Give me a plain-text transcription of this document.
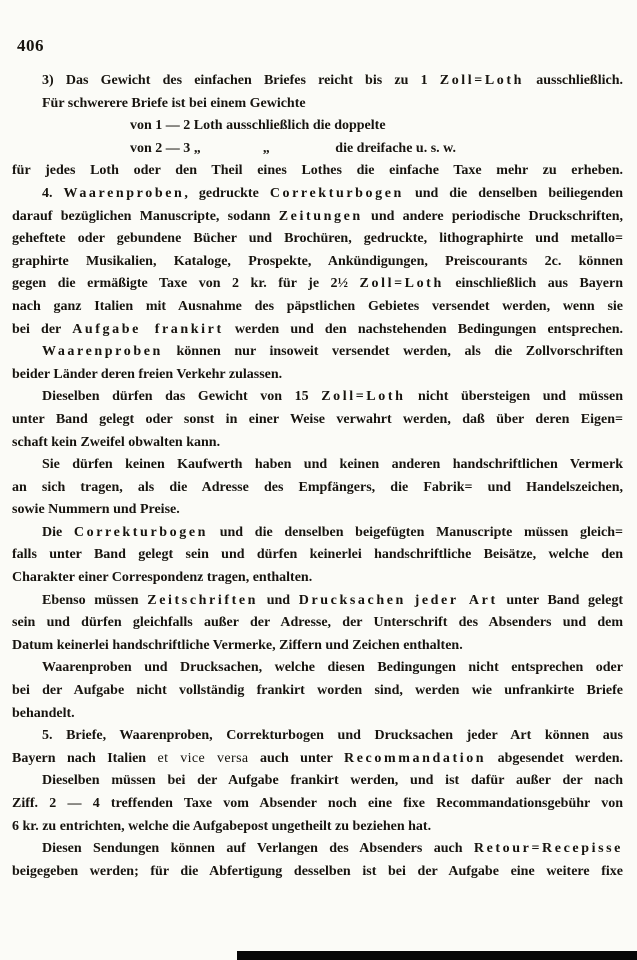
406
3) Das Gewicht des einfachen Briefes reicht bis zu 1 Zoll=Loth ausschließlich.
Für schwerere Briefe ist bei einem Gewichte
von 1 — 2 Loth ausschließlich die doppelte
von 2 — 3 „	„	die dreifache u. s. w.
für jedes Loth oder den Theil eines Lothes die einfache Taxe mehr zu erheben.
4. Waarenproben, gedruckte Correkturbogen und die denselben beiliegenden
darauf bezüglichen Manuscripte, sodann Zeitungen und andere periodische Druckschriften,
geheftete oder gebundene Bücher und Brochüren, gedruckte, lithographirte und metallo=
graphirte Musikalien, Kataloge, Prospekte, Ankündigungen, Preiscourants 2c. können
gegen die ermäßigte Taxe von 2 kr. für je 2½ Zoll=Loth einschließlich aus Bayern
nach ganz Italien mit Ausnahme des päpstlichen Gebietes versendet werden, wenn sie
bei der Aufgabe frankirt werden und den nachstehenden Bedingungen entsprechen.
Waarenproben können nur insoweit versendet werden, als die Zollvorschriften
beider Länder deren freien Verkehr zulassen.
Dieselben dürfen das Gewicht von 15 Zoll=Loth nicht übersteigen und müssen
unter Band gelegt oder sonst in einer Weise verwahrt werden, daß über deren Eigen=
schaft kein Zweifel obwalten kann.
Sie dürfen keinen Kaufwerth haben und keinen anderen handschriftlichen Vermerk
an sich tragen, als die Adresse des Empfängers, die Fabrik= und Handelszeichen,
sowie Nummern und Preise.
Die Correkturbogen und die denselben beigefügten Manuscripte müssen gleich=
falls unter Band gelegt sein und dürfen keinerlei handschriftliche Beisätze, welche den
Charakter einer Correspondenz tragen, enthalten.
Ebenso müssen Zeitschriften und Drucksachen jeder Art unter Band gelegt
sein und dürfen gleichfalls außer der Adresse, der Unterschrift des Absenders und dem
Datum keinerlei handschriftliche Vermerke, Ziffern und Zeichen enthalten.
Waarenproben und Drucksachen, welche diesen Bedingungen nicht entsprechen oder
bei der Aufgabe nicht vollständig frankirt worden sind, werden wie unfrankirte Briefe
behandelt.
5. Briefe, Waarenproben, Correkturbogen und Drucksachen jeder Art können aus
Bayern nach Italien et vice versa auch unter Recommandation abgesendet werden.
Dieselben müssen bei der Aufgabe frankirt werden, und ist dafür außer der nach
Ziff. 2 — 4 treffenden Taxe vom Absender noch eine fixe Recommandationsgebühr von
6 kr. zu entrichten, welche die Aufgabepost ungetheilt zu beziehen hat.
Diesen Sendungen können auf Verlangen des Absenders auch Retour=Recepisse
beigegeben werden; für die Abfertigung desselben ist bei der Aufgabe eine weitere fixe
